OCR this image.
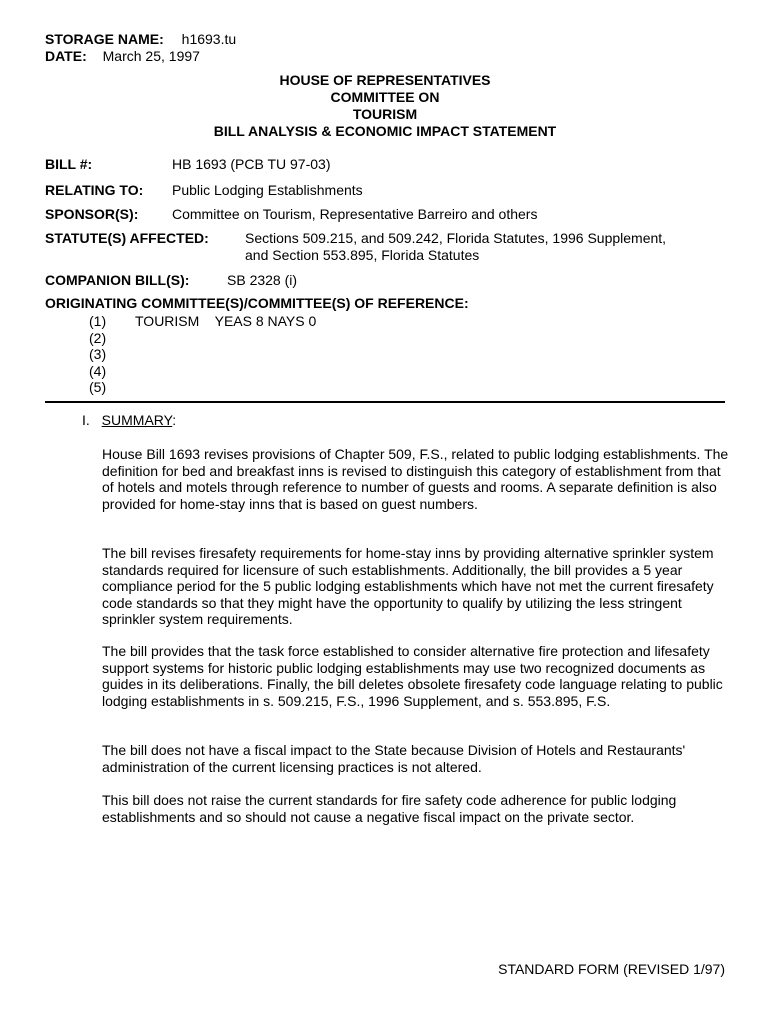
STORAGE NAME: h1693.tu
DATE: March 25, 1997
HOUSE OF REPRESENTATIVES
COMMITTEE ON
TOURISM
BILL ANALYSIS & ECONOMIC IMPACT STATEMENT
BILL #:	HB 1693 (PCB TU 97-03)
RELATING TO: Public Lodging Establishments
SPONSOR(S): Committee on Tourism, Representative Barreiro and others
STATUTE(S) AFFECTED:	Sections 509.215, and 509.242, Florida Statutes, 1996 Supplement,
and Section 553.895, Florida Statutes
COMPANION BILL(S):	SB 2328 (i)
ORIGINATING COMMITTEE(S)/COMMITTEE(S) OF REFERENCE:
(1) TOURISM    YEAS 8 NAYS 0
(2)
(3)
(4)
(5)
I. SUMMARY:
House Bill 1693 revises provisions of Chapter 509, F.S., related to public lodging establishments. The definition for bed and breakfast inns is revised to distinguish this category of establishment from that of hotels and motels through reference to number of guests and rooms. A separate definition is also provided for home-stay inns that is based on guest numbers.
The bill revises firesafety requirements for home-stay inns by providing alternative sprinkler system standards required for licensure of such establishments. Additionally, the bill provides a 5 year compliance period for the 5 public lodging establishments which have not met the current firesafety code standards so that they might have the opportunity to qualify by utilizing the less stringent sprinkler system requirements.
The bill provides that the task force established to consider alternative fire protection and lifesafety support systems for historic public lodging establishments may use two recognized documents as guides in its deliberations. Finally, the bill deletes obsolete firesafety code language relating to public lodging establishments in s. 509.215, F.S., 1996 Supplement, and s. 553.895, F.S.
The bill does not have a fiscal impact to the State because Division of Hotels and Restaurants' administration of the current licensing practices is not altered.
This bill does not raise the current standards for fire safety code adherence for public lodging establishments and so should not cause a negative fiscal impact on the private sector.
STANDARD FORM (REVISED 1/97)
